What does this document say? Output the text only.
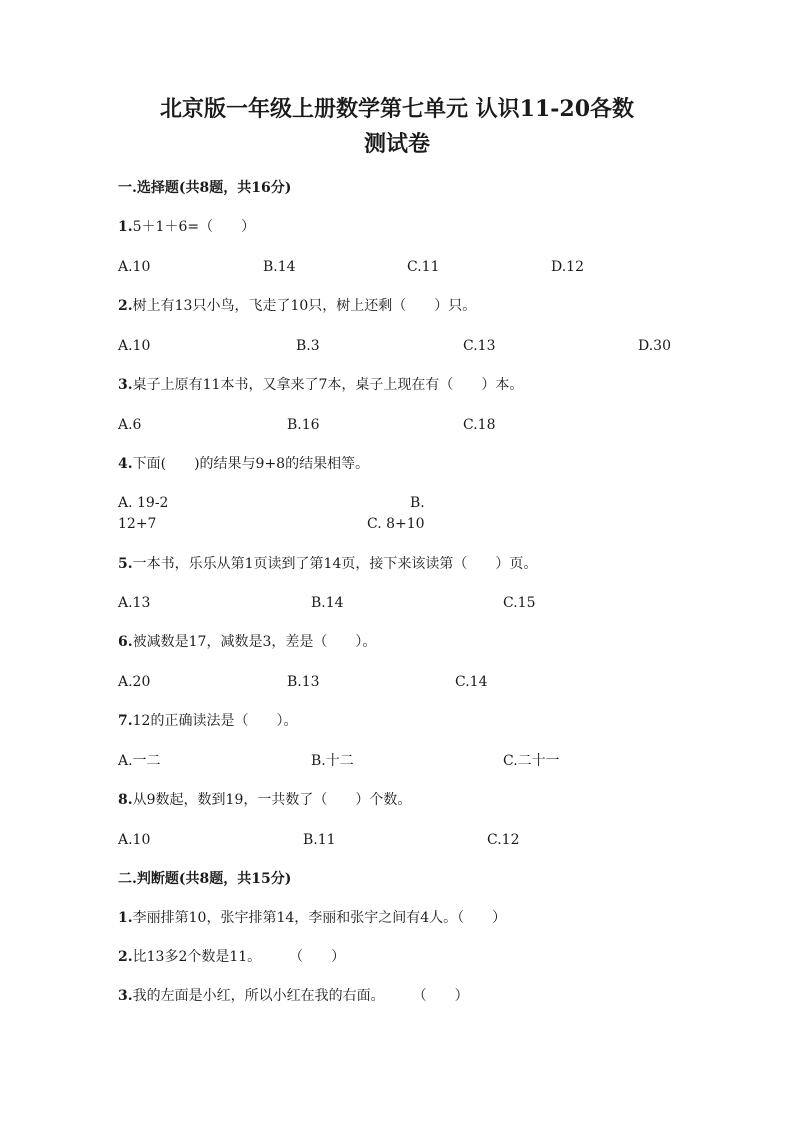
北京版一年级上册数学第七单元 认识11-20各数
测试卷
一.选择题(共8题，共16分)
1.5＋1＋6=（　　）
A.10	B.14	C.11	D.12
2.树上有13只小鸟，飞走了10只，树上还剩（　　）只。
A.10	B.3	C.13	D.30
3.桌子上原有11本书，又拿来了7本，桌子上现在有（　　）本。
A.6	B.16	C.18
4.下面(　　)的结果与9+8的结果相等。
A. 19-2	B.
12+7	C. 8+10
5.一本书，乐乐从第1页读到了第14页，接下来该读第（　　）页。
A.13	B.14	C.15
6.被减数是17，减数是3，差是（　　）。
A.20	B.13	C.14
7.12的正确读法是（　　）。
A.一二	B.十二	C.二十一
8.从9数起，数到19，一共数了（　　）个数。
A.10	B.11	C.12
二.判断题(共8题，共15分)
1.李丽排第10，张宇排第14，李丽和张宇之间有4人。（　　）
2.比13多2个数是11。　　　（　　）
3.我的左面是小红，所以小红在我的右面。　　　（　　）
